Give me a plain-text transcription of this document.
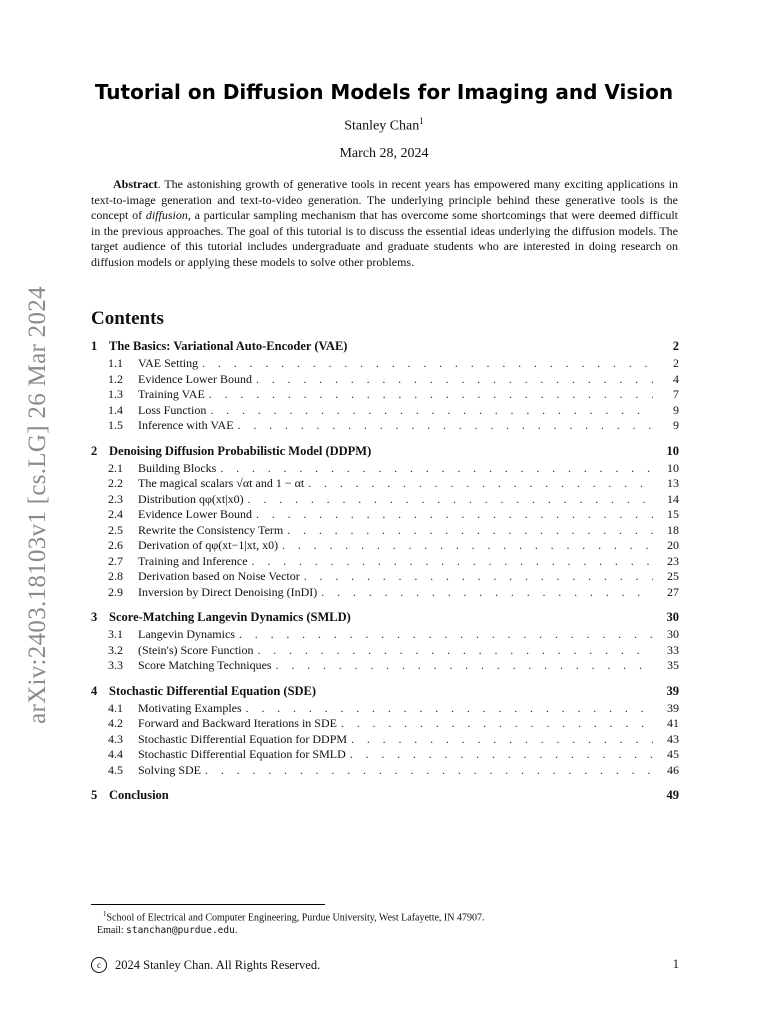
arXiv:2403.18103v1 [cs.LG] 26 Mar 2024
Tutorial on Diffusion Models for Imaging and Vision
Stanley Chan$^1$
March 28, 2024
Abstract. The astonishing growth of generative tools in recent years has empowered many exciting applications in text-to-image generation and text-to-video generation. The underlying principle behind these generative tools is the concept of diffusion, a particular sampling mechanism that has overcome some shortcomings that were deemed difficult in the previous approaches. The goal of this tutorial is to discuss the essential ideas underlying the diffusion models. The target audience of this tutorial includes undergraduate and graduate students who are interested in doing research on diffusion models or applying these models to solve other problems.
Contents
1 The Basics: Variational Auto-Encoder (VAE)	2
1.1	VAE Setting . . .	2
1.2	Evidence Lower Bound . . .	4
1.3	Training VAE . . .	7
1.4	Loss Function . . .	9
1.5	Inference with VAE . . .	9
2 Denoising Diffusion Probabilistic Model (DDPM)	10
2.1	Building Blocks . . .	10
2.2	The magical scalars √αt and 1 − αt . . .	13
2.3	Distribution qφ(xt|x0) . . .	14
2.4	Evidence Lower Bound . . .	15
2.5	Rewrite the Consistency Term . . .	18
2.6	Derivation of qφ(xt−1|xt, x0) . . .	20
2.7	Training and Inference . . .	23
2.8	Derivation based on Noise Vector . . .	25
2.9	Inversion by Direct Denoising (InDI) . . .	27
3 Score-Matching Langevin Dynamics (SMLD)	30
3.1	Langevin Dynamics . . .	30
3.2	(Stein's) Score Function . . .	33
3.3	Score Matching Techniques . . .	35
4 Stochastic Differential Equation (SDE)	39
4.1	Motivating Examples . . .	39
4.2	Forward and Backward Iterations in SDE . . .	41
4.3	Stochastic Differential Equation for DDPM . . .	43
4.4	Stochastic Differential Equation for SMLD . . .	45
4.5	Solving SDE . . .	46
5 Conclusion	49
$^1$School of Electrical and Computer Engineering, Purdue University, West Lafayette, IN 47907.
Email: stanchan@purdue.edu.
c	2024 Stanley Chan. All Rights Reserved.	1
